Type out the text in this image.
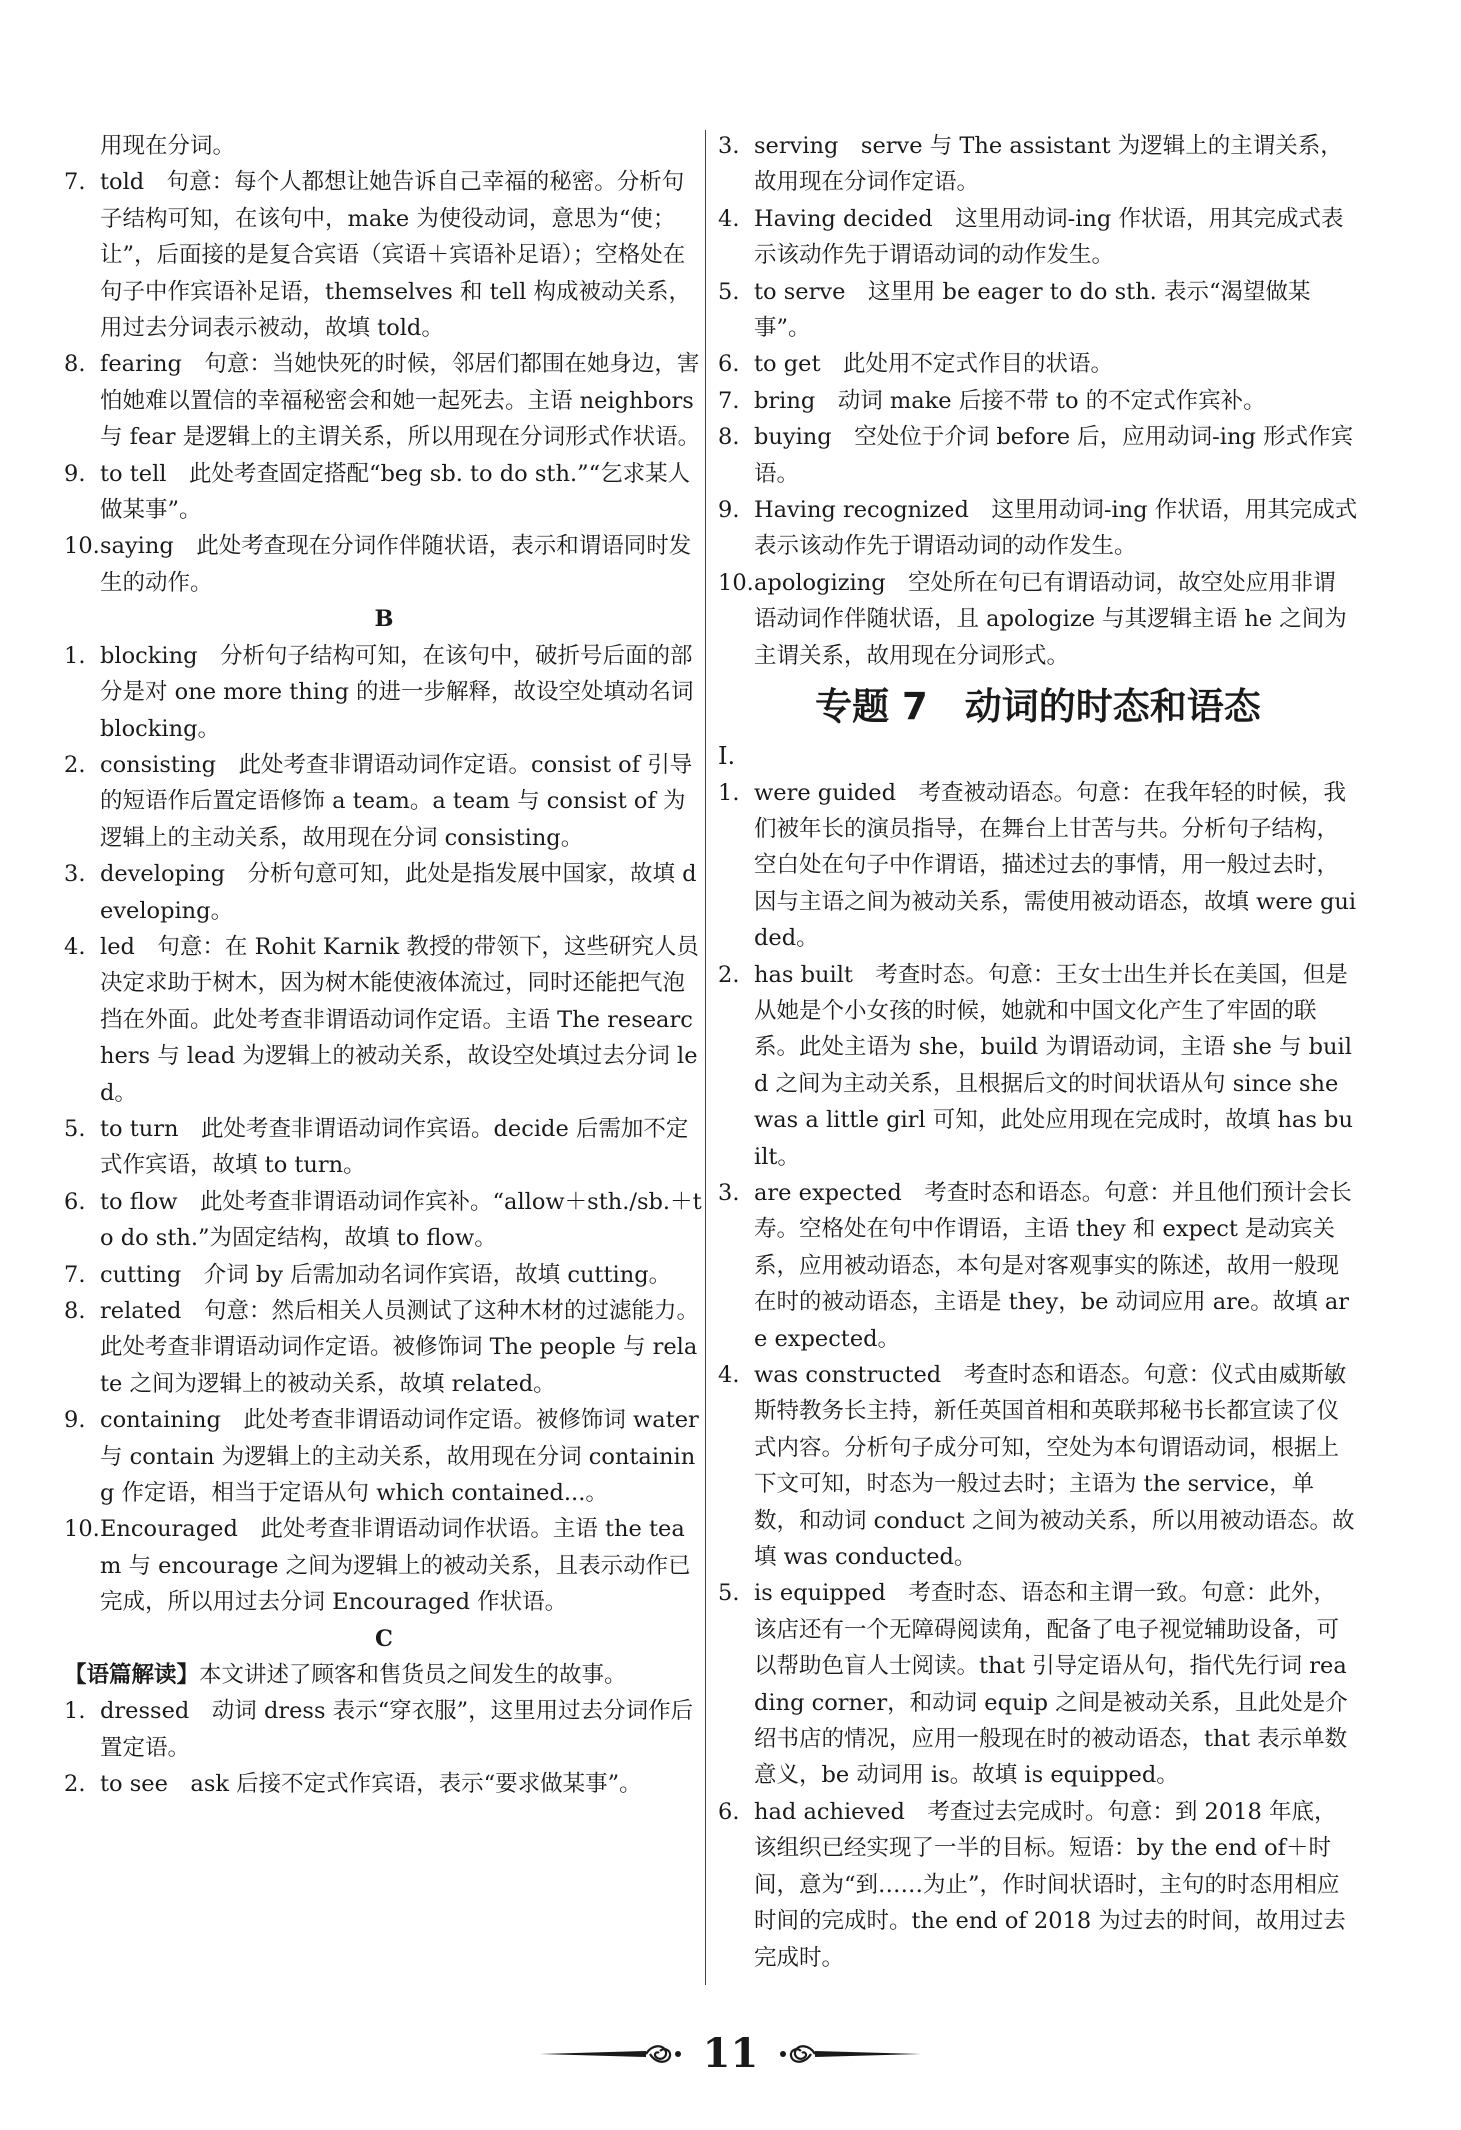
用现在分词。
7. told　句意：每个人都想让她告诉自己幸福的秘密。分析句子结构可知，在该句中，make 为使役动词，意思为“使；让”，后面接的是复合宾语（宾语＋宾语补足语）；空格处在句子中作宾语补足语，themselves 和 tell 构成被动关系，用过去分词表示被动，故填 told。
8. fearing　句意：当她快死的时候，邻居们都围在她身边，害怕她难以置信的幸福秘密会和她一起死去。主语 neighbors 与 fear 是逻辑上的主谓关系，所以用现在分词形式作状语。
9. to tell　此处考查固定搭配“beg sb. to do sth.”“乞求某人做某事”。
10.saying　此处考查现在分词作伴随状语，表示和谓语同时发生的动作。
B
1. blocking　分析句子结构可知，在该句中，破折号后面的部分是对 one more thing 的进一步解释，故设空处填动名词 blocking。
2. consisting　此处考查非谓语动词作定语。consist of 引导的短语作后置定语修饰 a team。a team 与 consist of 为逻辑上的主动关系，故用现在分词 consisting。
3. developing　分析句意可知，此处是指发展中国家，故填 developing。
4. led　句意：在 Rohit Karnik 教授的带领下，这些研究人员决定求助于树木，因为树木能使液体流过，同时还能把气泡挡在外面。此处考查非谓语动词作定语。主语 The researchers 与 lead 为逻辑上的被动关系，故设空处填过去分词 led。
5. to turn　此处考查非谓语动词作宾语。decide 后需加不定式作宾语，故填 to turn。
6. to flow　此处考查非谓语动词作宾补。“allow＋sth./sb.＋to do sth.”为固定结构，故填 to flow。
7. cutting　介词 by 后需加动名词作宾语，故填 cutting。
8. related　句意：然后相关人员测试了这种木材的过滤能力。此处考查非谓语动词作定语。被修饰词 The people 与 relate 之间为逻辑上的被动关系，故填 related。
9. containing　此处考查非谓语动词作定语。被修饰词 water 与 contain 为逻辑上的主动关系，故用现在分词 containing 作定语，相当于定语从句 which contained...。
10.Encouraged　此处考查非谓语动词作状语。主语 the team 与 encourage 之间为逻辑上的被动关系，且表示动作已完成，所以用过去分词 Encouraged 作状语。
C
【语篇解读】本文讲述了顾客和售货员之间发生的故事。
1. dressed　动词 dress 表示“穿衣服”，这里用过去分词作后置定语。
2. to see　ask 后接不定式作宾语，表示“要求做某事”。
3. serving　serve 与 The assistant 为逻辑上的主谓关系，故用现在分词作定语。
4. Having decided　这里用动词-ing 作状语，用其完成式表示该动作先于谓语动词的动作发生。
5. to serve　这里用 be eager to do sth. 表示“渴望做某事”。
6. to get　此处用不定式作目的状语。
7. bring　动词 make 后接不带 to 的不定式作宾补。
8. buying　空处位于介词 before 后，应用动词-ing 形式作宾语。
9. Having recognized　这里用动词-ing 作状语，用其完成式表示该动作先于谓语动词的动作发生。
10.apologizing　空处所在句已有谓语动词，故空处应用非谓语动词作伴随状语，且 apologize 与其逻辑主语 he 之间为主谓关系，故用现在分词形式。
专题 7　动词的时态和语态
Ⅰ.
1. were guided　考查被动语态。句意：在我年轻的时候，我们被年长的演员指导，在舞台上甘苦与共。分析句子结构，空白处在句子中作谓语，描述过去的事情，用一般过去时，因与主语之间为被动关系，需使用被动语态，故填 were guided。
2. has built　考查时态。句意：王女士出生并长在美国，但是从她是个小女孩的时候，她就和中国文化产生了牢固的联系。此处主语为 she，build 为谓语动词，主语 she 与 build 之间为主动关系，且根据后文的时间状语从句 since she was a little girl 可知，此处应用现在完成时，故填 has built。
3. are expected　考查时态和语态。句意：并且他们预计会长寿。空格处在句中作谓语，主语 they 和 expect 是动宾关系，应用被动语态，本句是对客观事实的陈述，故用一般现在时的被动语态，主语是 they，be 动词应用 are。故填 are expected。
4. was constructed　考查时态和语态。句意：仪式由威斯敏斯特教务长主持，新任英国首相和英联邦秘书长都宣读了仪式内容。分析句子成分可知，空处为本句谓语动词，根据上下文可知，时态为一般过去时；主语为 the service，单数，和动词 conduct 之间为被动关系，所以用被动语态。故填 was conducted。
5. is equipped　考查时态、语态和主谓一致。句意：此外，该店还有一个无障碍阅读角，配备了电子视觉辅助设备，可以帮助色盲人士阅读。that 引导定语从句，指代先行词 reading corner，和动词 equip 之间是被动关系，且此处是介绍书店的情况，应用一般现在时的被动语态，that 表示单数意义，be 动词用 is。故填 is equipped。
6. had achieved　考查过去完成时。句意：到 2018 年底，该组织已经实现了一半的目标。短语：by the end of＋时间，意为“到……为止”，作时间状语时，主句的时态用相应时间的完成时。the end of 2018 为过去的时间，故用过去完成时。
11
